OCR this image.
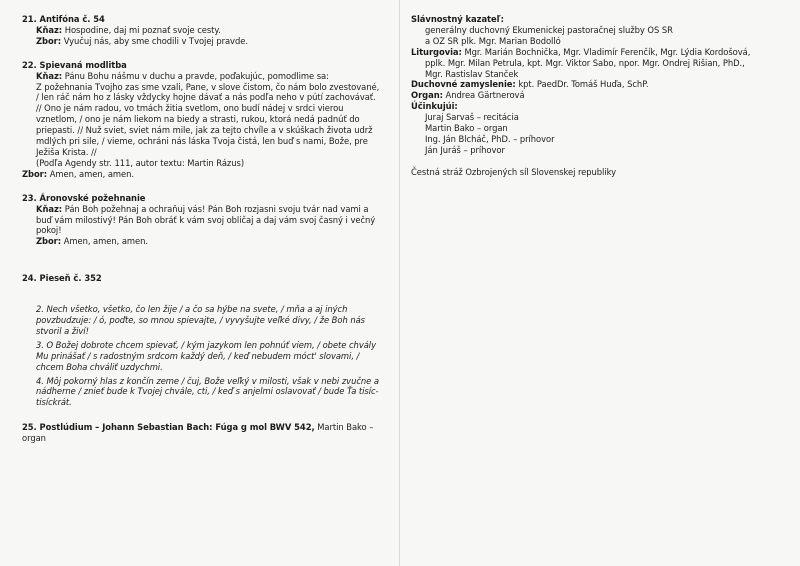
21. Antifóna č. 54
Kňaz: Hospodine, daj mi poznať svoje cesty.
Zbor: Vyučuj nás, aby sme chodili v Tvojej pravde.
22. Spievaná modlitba
Kňaz: Pánu Bohu nášmu v duchu a pravde, poďakujúc, pomodlime sa:
Z požehnania Tvojho zas sme vzali, Pane, v slove čistom, čo nám bolo zvestované, / len ráč nám ho z lásky vždycky hojne dávať a nás podľa neho v pútí zachovávať. // Ono je nám radou, vo tmách žitia svetlom, ono budí nádej v srdci vierou vznetlom, / ono je nám liekom na biedy a strasti, rukou, ktorá nedá padnúť do priepasti. // Nuž sviet, sviet nám mile, jak za tejto chvíle a v skúškach života udrž mdlých pri sile, / vieme, ochráni nás láska Tvoja čistá, len buď s nami, Bože, pre Ježiša Krista. //
(Podľa Agendy str. 111, autor textu: Martin Rázus)
Zbor: Amen, amen, amen.
23. Áronovské požehnanie
Kňaz: Pán Boh požehnaj a ochraňuj vás! Pán Boh rozjasni svoju tvár nad vami a buď vám milostivý! Pán Boh obráť k vám svoj obličaj a daj vám svoj časný i večný pokoj!
Zbor: Amen, amen, amen.
24. Pieseň č. 352

2. Nech všetko, všetko, čo len žije / a čo sa hýbe na svete, / mňa a aj iných povzbudzuje: / ó, poďte, so mnou spievajte, / vyvyšujte veľké divy, / že Boh nás stvoril a živí!

3. O Božej dobrote chcem spievať, / kým jazykom len pohnúť viem, / obete chvály Mu prinášať / s radostným srdcom každý deň, / keď nebudem móct' slovami, / chcem Boha chváliť uzdychmi.

4. Môj pokorný hlas z končín zeme / čuj, Bože veľký v milosti, však v nebi zvučne a nádherne / znieť bude k Tvojej chvále, cti, / keď s anjelmi oslavovať / bude Ťa tisíc-tisíckrát.

25. Postlúdium – Johann Sebastian Bach: Fúga g mol BWV 542, Martin Bako – organ
Slávnostný kazateľ:
generálny duchovný Ekumenickej pastoračnej služby OS SR
a OZ SR plk. Mgr. Marian Bodolló
Liturgovia: Mgr. Marián Bochnička, Mgr. Vladimír Ferenčík, Mgr. Lýdia Kordošová,
pplk. Mgr. Milan Petrula, kpt. Mgr. Viktor Sabo, npor. Mgr. Ondrej Rišian, PhD.,
Mgr. Rastislav Stanček
Duchovné zamyslenie: kpt. PaedDr. Tomáš Huďa, SchP.
Organ: Andrea Gärtnerová
Účinkujúi:
Juraj Sarvaš – recitácia
Martin Bako – organ
Ing. Ján Blcháč, PhD. – príhovor
Ján Juráš – príhovor
Čestná stráž Ozbrojených síl Slovenskej republiky
